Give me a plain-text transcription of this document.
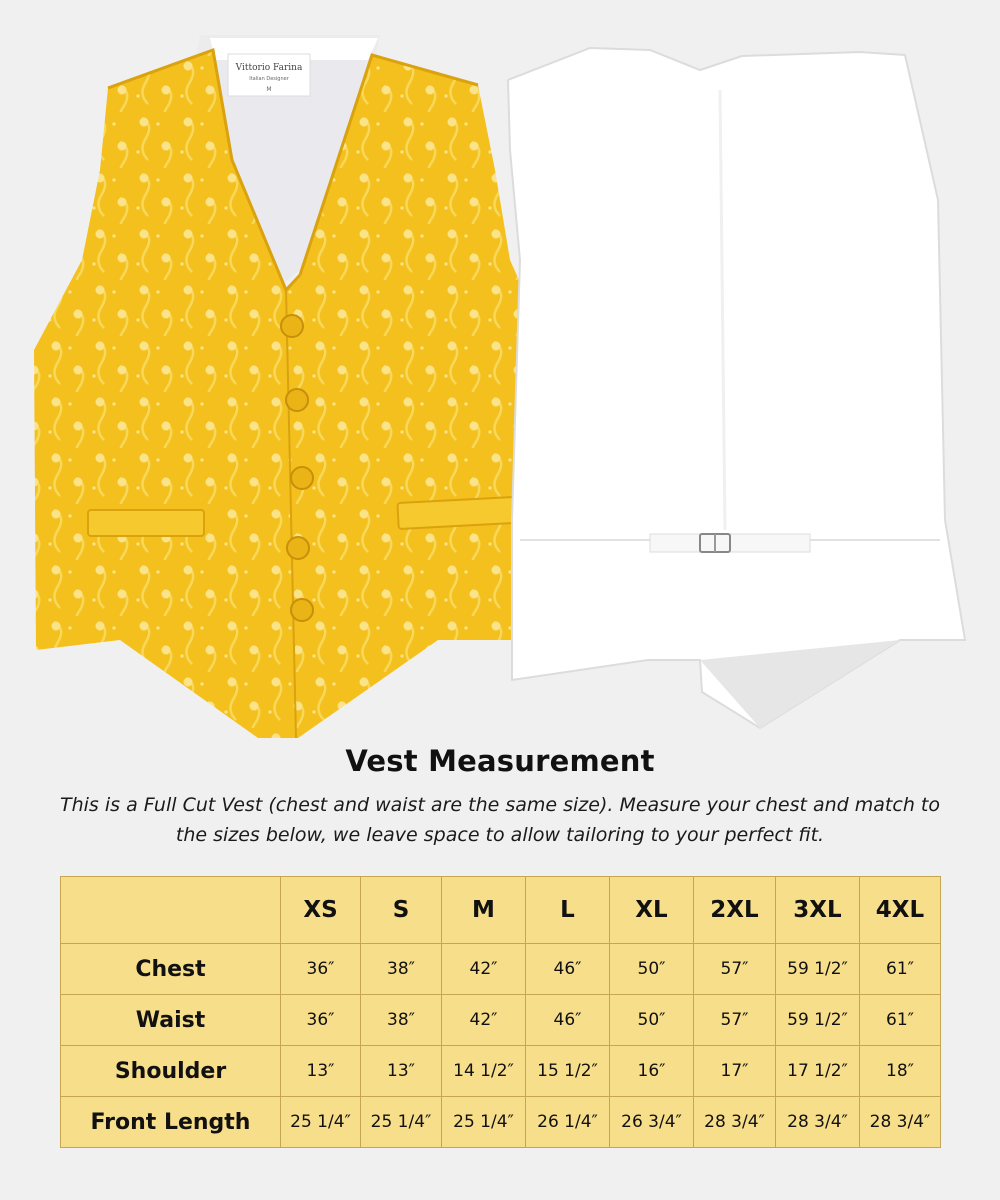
Vittorio Farina
Italian Designer
M
Vest Measurement
This is a Full Cut Vest (chest and waist are the same size). Measure your chest and match to the sizes below, we leave space to allow tailoring to your perfect fit.
	XS	S	M	L	XL	2XL	3XL	4XL
Chest	36″	38″	42″	46″	50″	57″	59 1/2″	61″
Waist	36″	38″	42″	46″	50″	57″	59 1/2″	61″
Shoulder	13″	13″	14 1/2″	15 1/2″	16″	17″	17 1/2″	18″
Front Length	25 1/4″	25 1/4″	25 1/4″	26 1/4″	26 3/4″	28 3/4″	28 3/4″	28 3/4″
